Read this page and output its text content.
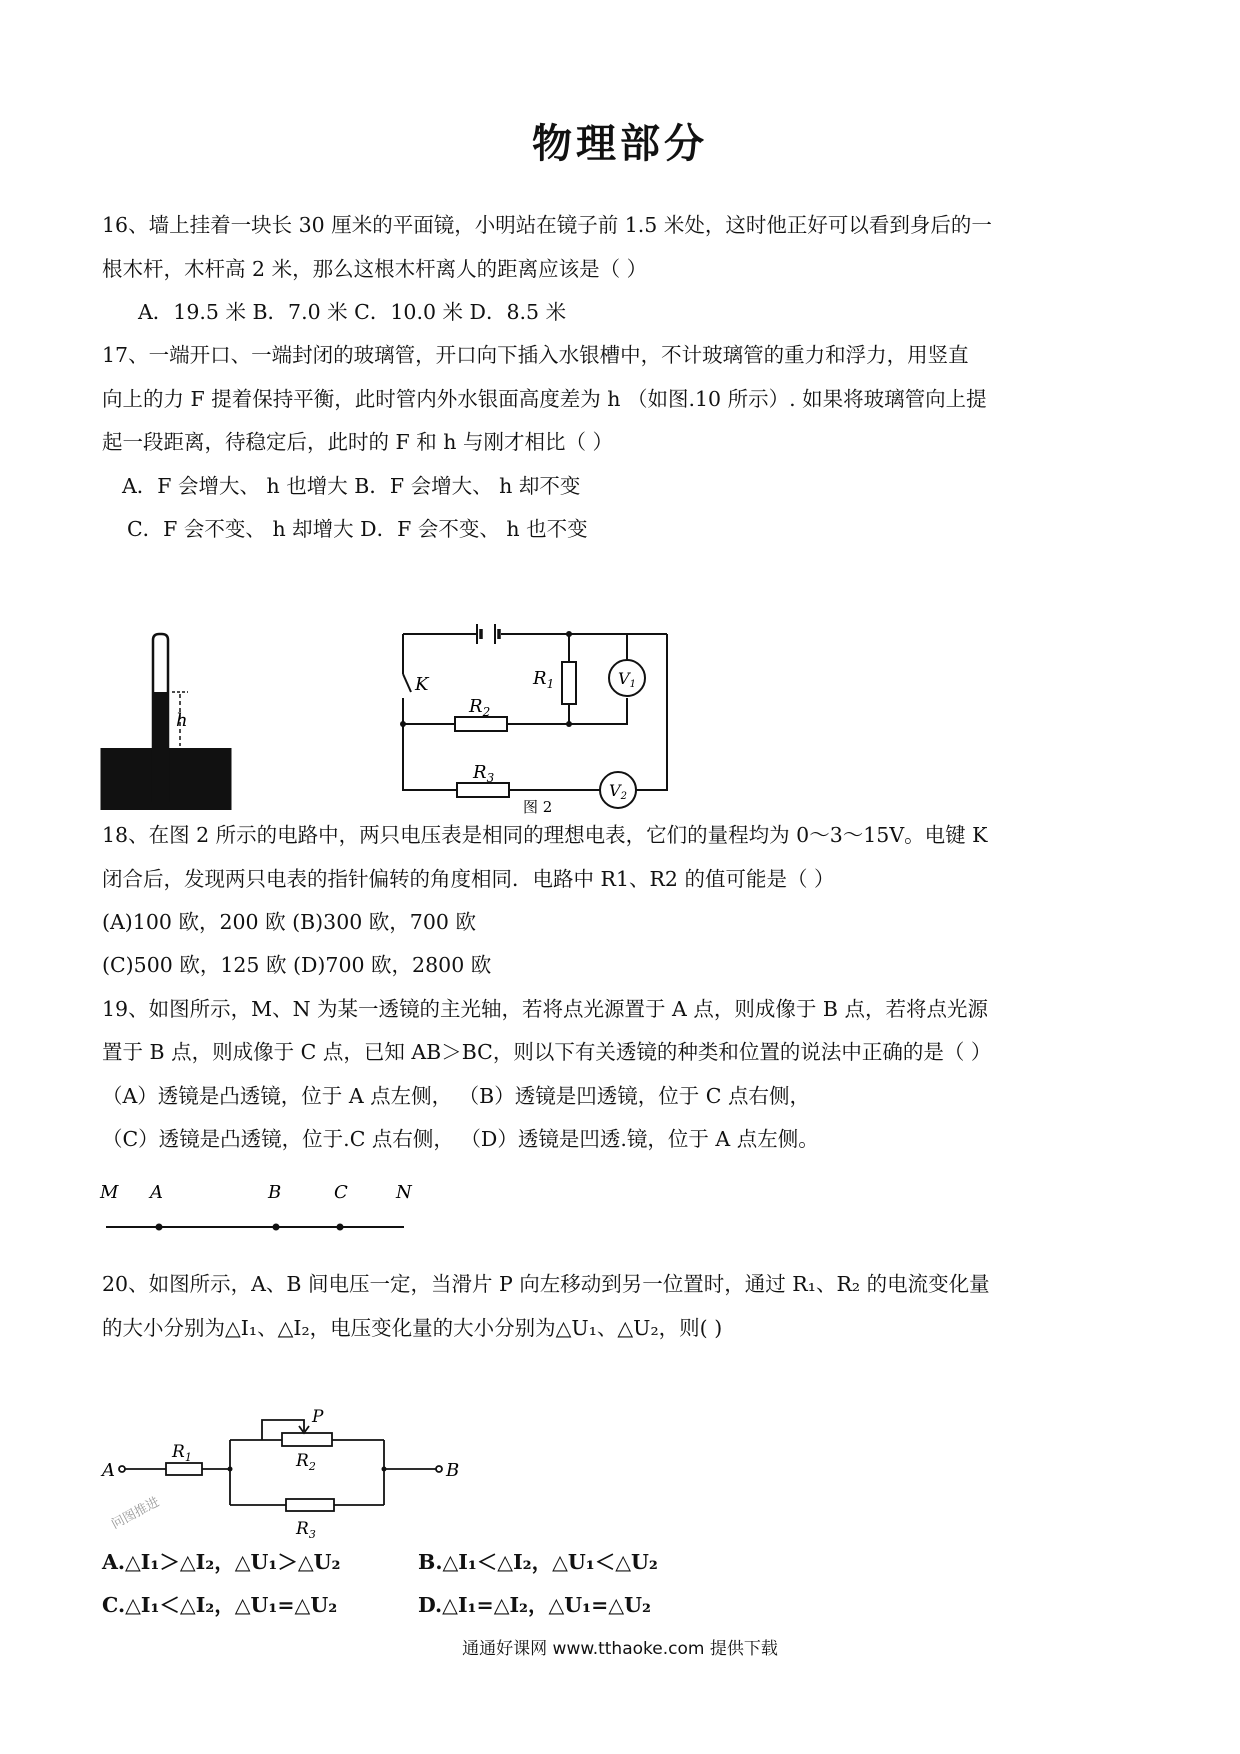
物理部分
16、墙上挂着一块长 30 厘米的平面镜，小明站在镜子前 1.5 米处，这时他正好可以看到身后的一
根木杆，木杆高 2 米，那么这根木杆离人的距离应该是（ ）
A．19.5 米 B．7.0 米 C．10.0 米 D．8.5 米
17、一端开口、一端封闭的玻璃管，开口向下插入水银槽中，不计玻璃管的重力和浮力，用竖直
向上的力 F 提着保持平衡，此时管内外水银面高度差为 h （如图.10 所示）. 如果将玻璃管向上提
起一段距离，待稳定后，此时的 F 和 h 与刚才相比（ ）
A．F 会增大、 h 也增大 B．F 会增大、 h 却不变
C．F 会不变、 h 却增大 D．F 会不变、 h 也不变
h
K	$R_1$
$R_2$
$R_3$
V1
V2
图 2
18、在图 2 所示的电路中，两只电压表是相同的理想电表，它们的量程均为 0～3～15V。电键 K
闭合后，发现两只电表的指针偏转的角度相同．电路中 R1、R2 的值可能是（ ）
(A)100 欧，200 欧 (B)300 欧，700 欧
(C)500 欧，125 欧 (D)700 欧，2800 欧
19、如图所示，M、N 为某一透镜的主光轴，若将点光源置于 A 点，则成像于 B 点，若将点光源
置于 B 点，则成像于 C 点，已知 AB＞BC，则以下有关透镜的种类和位置的说法中正确的是（ ）
（A）透镜是凸透镜，位于 A 点左侧， （B）透镜是凹透镜，位于 C 点右侧，
（C）透镜是凸透镜，位于.C 点右侧， （D）透镜是凹透.镜，位于 A 点左侧。
M A	B	C	N
20、如图所示，A、B 间电压一定，当滑片 P 向左移动到另一位置时，通过 R₁、R₂ 的电流变化量
的大小分别为△I₁、△I₂，电压变化量的大小分别为△U₁、△U₂，则( )
A	B
P
$R_1$	$R_2$
$R_3$
问图推进
A.△I₁＞△I₂，△U₁＞△U₂	B.△I₁＜△I₂，△U₁＜△U₂
C.△I₁＜△I₂，△U₁=△U₂	D.△I₁=△I₂，△U₁=△U₂
通通好课网 www.tthaoke.com 提供下载
